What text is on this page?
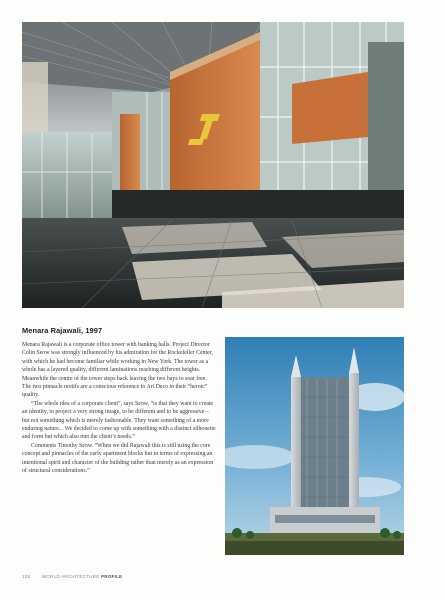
Menara Rajawali, 1997

Menara Rajawali is a corporate office tower with banking halls. Project Director Colin Seow was strongly influenced by his admiration for the Rockefeller Center, with which he had become familiar while working in New York. The tower as a whole has a layered quality, different laminations reaching different heights. Meanwhile the centre of the tower steps back leaving the two bays to soar free. The two pinnacle motifs are a conscious reference to Art Deco in their “heroic” quality.

“The whole idea of a corporate client”, says Seow, “is that they want to create an identity, to project a very strong image, to be different and to be aggressive – but not something which is merely fashionable. They want something of a more enduring nature... We decided to come up with something with a distinct silhouette and form but which also met the client’s needs.”

Comments Timothy Seow. “When we did Rajawali this is still using the core concept and pinnacles of the early apartment blocks but in terms of expressing an intentional spirit and character of the building rather than merely as an expression of structural considerations.”

128 WORLD ARCHITECTURE PROFILE
